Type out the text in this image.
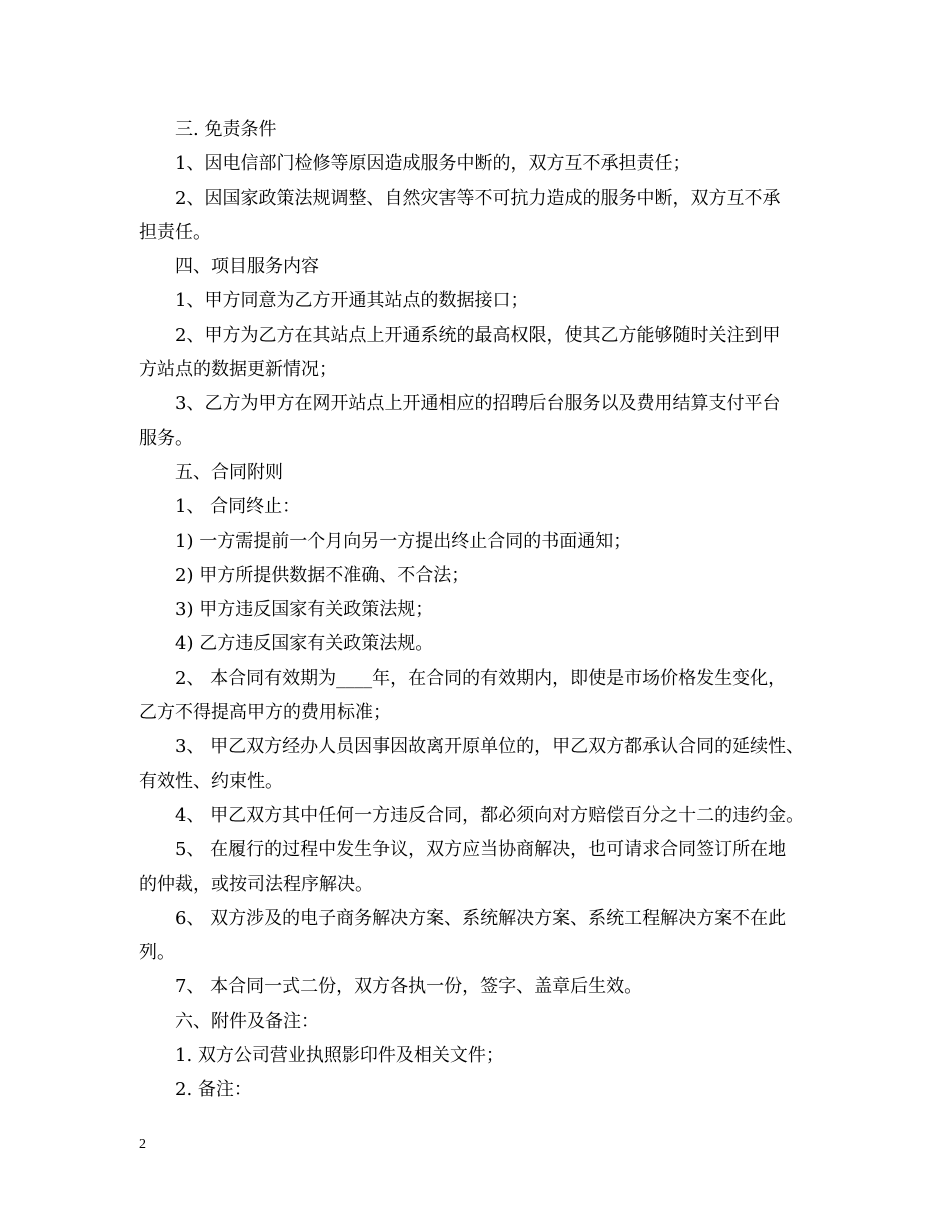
三. 免责条件

1、因电信部门检修等原因造成服务中断的，双方互不承担责任；

2、因国家政策法规调整、自然灾害等不可抗力造成的服务中断，双方互不承

担责任。

四、项目服务内容

1、甲方同意为乙方开通其站点的数据接口；

2、甲方为乙方在其站点上开通系统的最高权限，使其乙方能够随时关注到甲

方站点的数据更新情况；

3、乙方为甲方在网开站点上开通相应的招聘后台服务以及费用结算支付平台

服务。

五、合同附则

1、 合同终止：

1) 一方需提前一个月向另一方提出终止合同的书面通知；

2) 甲方所提供数据不准确、不合法；

3) 甲方违反国家有关政策法规；

4) 乙方违反国家有关政策法规。

2、 本合同有效期为____年，在合同的有效期内，即使是市场价格发生变化，

乙方不得提高甲方的费用标准；

3、 甲乙双方经办人员因事因故离开原单位的，甲乙双方都承认合同的延续性、

有效性、约束性。

4、 甲乙双方其中任何一方违反合同，都必须向对方赔偿百分之十二的违约金。

5、 在履行的过程中发生争议，双方应当协商解决，也可请求合同签订所在地

的仲裁，或按司法程序解决。

6、 双方涉及的电子商务解决方案、系统解决方案、系统工程解决方案不在此

列。

7、 本合同一式二份，双方各执一份，签字、盖章后生效。

六、附件及备注：

1. 双方公司营业执照影印件及相关文件；

2. 备注：

2
